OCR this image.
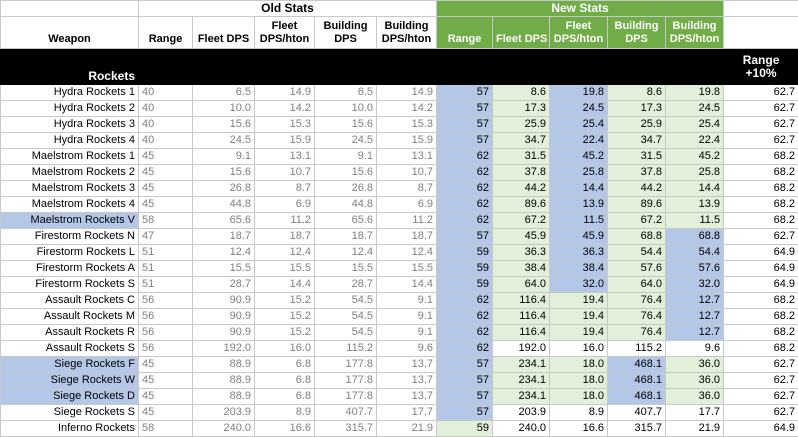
	Old Stats					New Stats					
Weapon	Range	Fleet DPS	Fleet DPS/hton	Building DPS	Building DPS/hton	Range	Fleet DPS	Fleet DPS/hton	Building DPS	Building DPS/hton	
Rockets											Range +10%
Hydra Rockets 1	40	6.5	14.9	6.5	14.9	57	8.6	19.8	8.6	19.8	62.7
Hydra Rockets 2	40	10.0	14.2	10.0	14.2	57	17.3	24.5	17.3	24.5	62.7
Hydra Rockets 3	40	15.6	15.3	15.6	15.3	57	25.9	25.4	25.9	25.4	62.7
Hydra Rockets 4	40	24.5	15.9	24.5	15.9	57	34.7	22.4	34.7	22.4	62.7
Maelstrom Rockets 1	45	9.1	13.1	9.1	13.1	62	31.5	45.2	31.5	45.2	68.2
Maelstrom Rockets 2	45	15.6	10.7	15.6	10.7	62	37.8	25.8	37.8	25.8	68.2
Maelstrom Rockets 3	45	26.8	8.7	26.8	8.7	62	44.2	14.4	44.2	14.4	68.2
Maelstrom Rockets 4	45	44.8	6.9	44.8	6.9	62	89.6	13.9	89.6	13.9	68.2
Maelstrom Rockets V	58	65.6	11.2	65.6	11.2	62	67.2	11.5	67.2	11.5	68.2
Firestorm Rockets N	47	18.7	18.7	18.7	18.7	57	45.9	45.9	68.8	68.8	62.7
Firestorm Rockets L	51	12.4	12.4	12.4	12.4	59	36.3	36.3	54.4	54.4	64.9
Firestorm Rockets A	51	15.5	15.5	15.5	15.5	59	38.4	38.4	57.6	57.6	64.9
Firestorm Rockets S	51	28.7	14.4	28.7	14.4	59	64.0	32.0	64.0	32.0	64.9
Assault Rockets C	56	90.9	15.2	54.5	9.1	62	116.4	19.4	76.4	12.7	68.2
Assault Rockets M	56	90.9	15.2	54.5	9.1	62	116.4	19.4	76.4	12.7	68.2
Assault Rockets R	56	90.9	15.2	54.5	9.1	62	116.4	19.4	76.4	12.7	68.2
Assault Rockets S	56	192.0	16.0	115.2	9.6	62	192.0	16.0	115.2	9.6	68.2
Siege Rockets F	45	88.9	6.8	177.8	13.7	57	234.1	18.0	468.1	36.0	62.7
Siege Rockets W	45	88.9	6.8	177.8	13.7	57	234.1	18.0	468.1	36.0	62.7
Siege Rockets D	45	88.9	6.8	177.8	13.7	57	234.1	18.0	468.1	36.0	62.7
Siege Rockets S	45	203.9	8.9	407.7	17.7	57	203.9	8.9	407.7	17.7	62.7
Inferno Rockets	58	240.0	16.6	315.7	21.9	59	240.0	16.6	315.7	21.9	64.9
